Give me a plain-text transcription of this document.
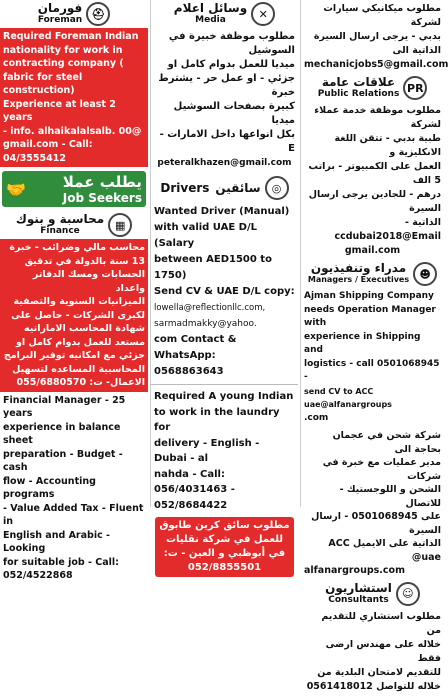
فورمان
Foreman ⛑
Required Foreman Indian
nationality for work in
contracting company (
fabric for steel construction)
Experience at least 2 years
- info. alhaikalalsalb. 00@
gmail.com - Call: 04/3555412
🤝 يطلب عملا
Job Seekers
محاسبة و بنوك
Finance	▦
محاسب مالي وضرائب - خبرة
13 سنة بالدولة في تدقيق
الحسابات ومسك الدفاتر واعداد
الميزانيات السنوية والتصفية
لكبرى الشركات - حاصل على
شهادة المحاسب الاماراتيه
مستعد للعمل بدوام كامل او
جزئي مع امكانيه توفير البرامج
المحاسبية المساعده لتسهيل
الاعمال- ت: 055/6880570
Financial Manager - 25 years
experience in balance sheet
preparation - Budget - cash
flow - Accounting programs
- Value Added Tax - Fluent in
English and Arabic - Looking
for suitable job - Call:
052/4522868
وسائل اعلام
Media	✕
مطلوب موظفة خبيرة في السوشيل
ميديا للعمل بدوام كامل او
جزئي - او عمل حر - يشترط خبرة
كبيرة بصفحات السوشيل ميديا
بكل انواعها داخل الامارات - E
peteralkhazen@gmail.com
Drivers سائقين	◎
Wanted Driver (Manual)
with valid UAE D/L (Salary
between AED1500 to 1750)
Send CV & UAE D/L copy:
lowella@reflectionllc.com,
sarmadmakky@yahoo.
com Contact & WhatsApp:
0568863643
Required A young Indian
to work in the laundry for
delivery - English - Dubai - al
nahda - Call: 056/4031463 -
052/8684422
مطلوب سائق كرين طابوق
للعمل في شركة نقليات
في أبوظبي و العين - ت:
052/8855501
مطلوب ميكانيكي سيارات لشركة
بدبي - يرجى ارسال السيرة الذاتية الى
mechanicjobs5@gmail.com
علاقات عامة
Public Relations PR
مطلوب موظفة خدمة عملاء لشركة
طبية بدبي - تتقن اللغة الانكليزية و
العمل على الكمبيوتر - براتب 5 الف
درهم - للجادين يرجى ارسال السيرة
الذاتية - ccdubai2018@Email
gmail.com
مدراء وتنفيذيون
Managers / Executives ☻
Ajman Shipping Company
needs Operation Manager with
experience in Shipping and
logistics - call 0501068945 -
send CV to ACC uae@alfanargroups
.com
شركة شحن في عجمان بحاجة الى
مدير عمليات مع خبرة في شركات
الشحن و اللوجستيك - للاتصال
على 0501068945 - ارسال السيرة
الذاتية على الايميل ACC uae@
alfanargroups.com
استشاريون
Consultants	☺
مطلوب استشاري للتقديم من
خلاله على مهندس ارضى فقط
للتقديم لامتحان البلدية من
خلاله للتواصل 0561418012
